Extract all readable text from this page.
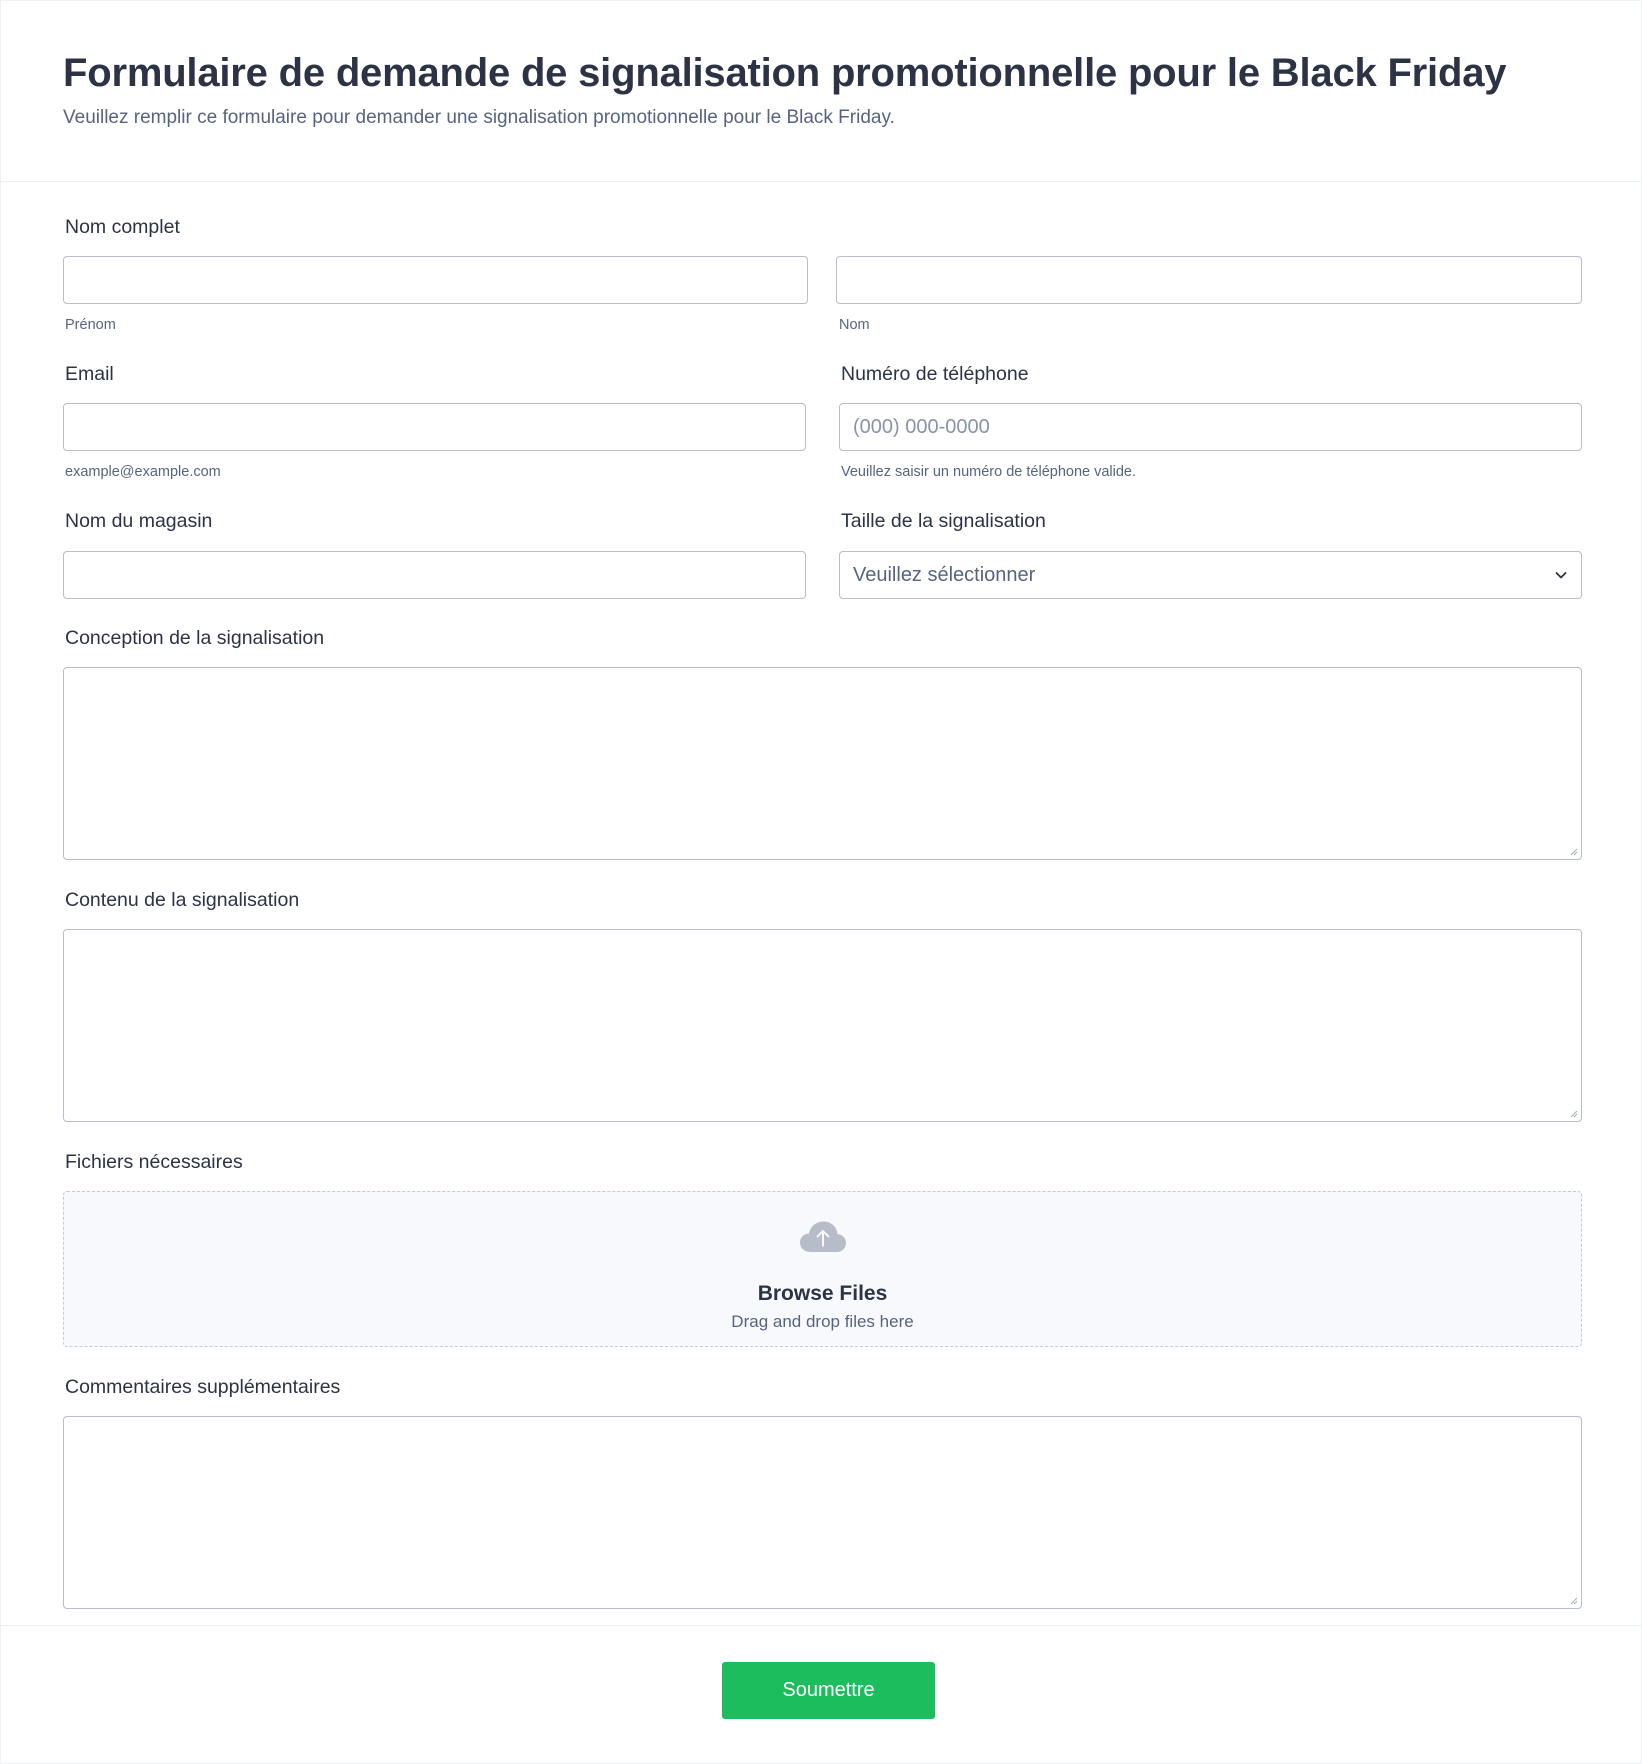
Formulaire de demande de signalisation promotionnelle pour le Black Friday

Veuillez remplir ce formulaire pour demander une signalisation promotionnelle pour le Black Friday.

Nom complet
Prénom	Nom
Email
example@example.com
Numéro de téléphone
(000) 000-0000
Veuillez saisir un numéro de téléphone valide.
Nom du magasin	Taille de la signalisation
Veuillez sélectionner
Conception de la signalisation
Contenu de la signalisation
Fichiers nécessaires
Browse Files
Drag and drop files here
Commentaires supplémentaires
Soumettre
